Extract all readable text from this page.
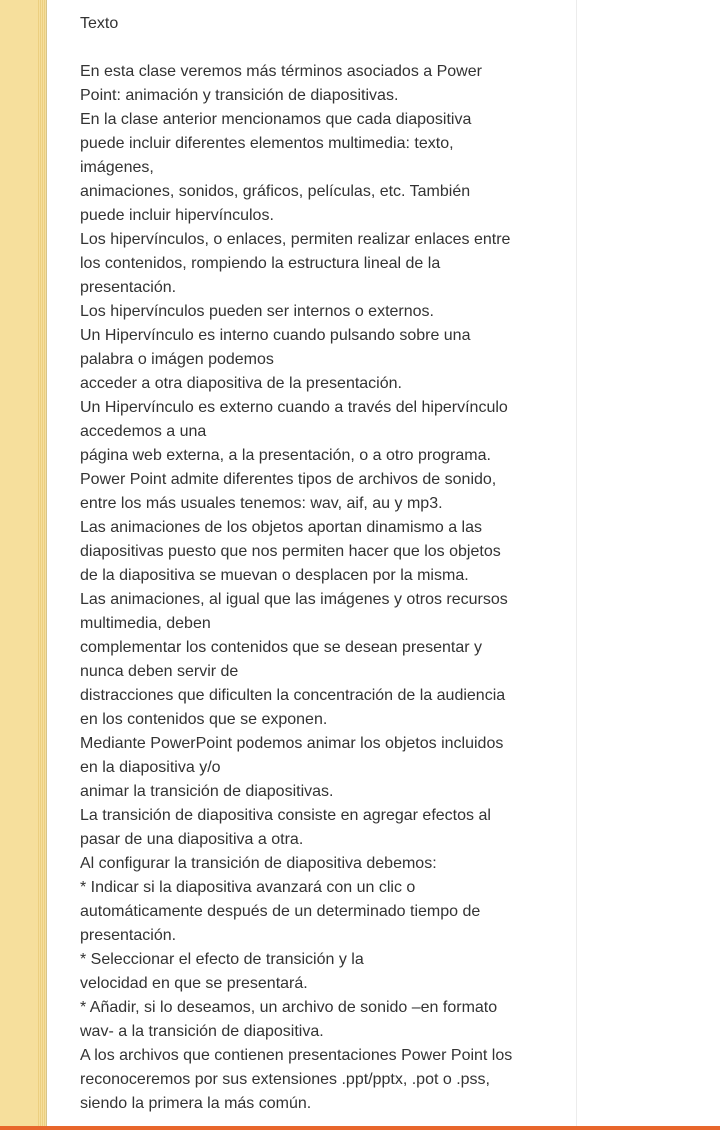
Texto
En esta clase veremos más términos asociados a Power
Point: animación y transición de diapositivas.
En la clase anterior mencionamos que cada diapositiva
puede incluir diferentes elementos multimedia: texto,
imágenes,
animaciones, sonidos, gráficos, películas, etc. También
puede incluir hipervínculos.
Los hipervínculos, o enlaces, permiten realizar enlaces entre
los contenidos, rompiendo la estructura lineal de la
presentación.
Los hipervínculos pueden ser internos o externos.
Un Hipervínculo es interno cuando pulsando sobre una
palabra o imágen podemos
acceder a otra diapositiva de la presentación.
Un Hipervínculo es externo cuando a través del hipervínculo
accedemos a una
página web externa, a la presentación, o a otro programa.
Power Point admite diferentes tipos de archivos de sonido,
entre los más usuales tenemos: wav, aif, au y mp3.
Las animaciones de los objetos aportan dinamismo a las
diapositivas puesto que nos permiten hacer que los objetos
de la diapositiva se muevan o desplacen por la misma.
Las animaciones, al igual que las imágenes y otros recursos
multimedia, deben
complementar los contenidos que se desean presentar y
nunca deben servir de
distracciones que dificulten la concentración de la audiencia
en los contenidos que se exponen.
Mediante PowerPoint podemos animar los objetos incluidos
en la diapositiva y/o
animar la transición de diapositivas.
La transición de diapositiva consiste en agregar efectos al
pasar de una diapositiva a otra.
Al configurar la transición de diapositiva debemos:
* Indicar si la diapositiva avanzará con un clic o
automáticamente después de un determinado tiempo de
presentación.
* Seleccionar el efecto de transición y la
velocidad en que se presentará.
* Añadir, si lo deseamos, un archivo de sonido –en formato
wav- a la transición de diapositiva.
A los archivos que contienen presentaciones Power Point los
reconoceremos por sus extensiones .ppt/pptx, .pot o .pss,
siendo la primera la más común.
